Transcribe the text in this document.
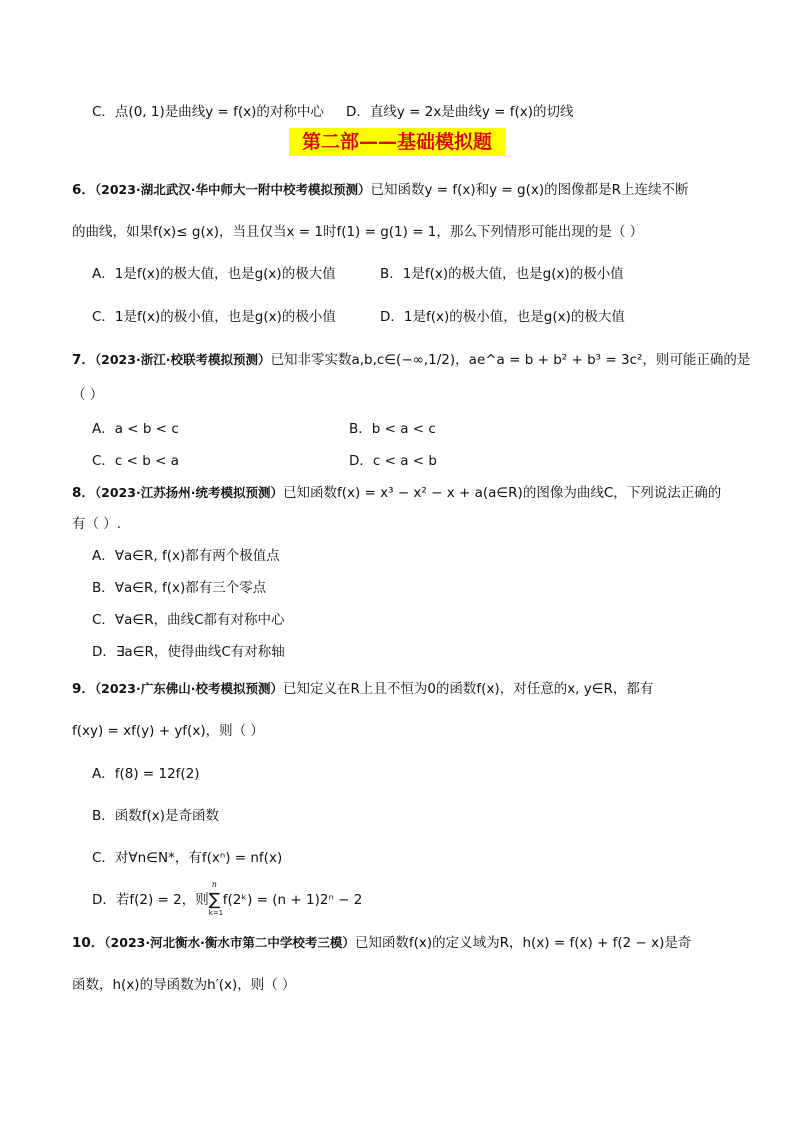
C．点(0, 1)是曲线y = f(x)的对称中心 D．直线y = 2x是曲线y = f(x)的切线
第二部——基础模拟题
6．（2023·湖北武汉·华中师大一附中校考模拟预测）已知函数y = f(x)和y = g(x)的图像都是R上连续不断
的曲线，如果f(x)≤ g(x)，当且仅当x = 1时f(1) = g(1) = 1，那么下列情形可能出现的是（ ）
A．1是f(x)的极大值，也是g(x)的极大值	B．1是f(x)的极大值，也是g(x)的极小值
C．1是f(x)的极小值，也是g(x)的极小值	D．1是f(x)的极小值，也是g(x)的极大值
7．（2023·浙江·校联考模拟预测）已知非零实数a,b,c∈(−∞,1/2)，ae^a = b + b² + b³ = 3c²，则可能正确的是
（ ）
A．a < b < c	B．b < a < c
C．c < b < a	D．c < a < b
8．（2023·江苏扬州·统考模拟预测）已知函数f(x) = x³ − x² − x + a(a∈R)的图像为曲线C，下列说法正确的
有（ ）.
A．∀a∈R, f(x)都有两个极值点
B．∀a∈R, f(x)都有三个零点
C．∀a∈R，曲线C都有对称中心
D．∃a∈R，使得曲线C有对称轴
9．（2023·广东佛山·校考模拟预测）已知定义在R上且不恒为0的函数f(x)，对任意的x, y∈R，都有
f(xy) = xf(y) + yf(x)，则（ ）
A．f(8) = 12f(2)
B．函数f(x)是奇函数
C．对∀n∈N*，有f(xⁿ) = nf(x)
D．若f(2) = 2，则
n
∑
k=1
f(2ᵏ) = (n + 1)2ⁿ − 2
10．（2023·河北衡水·衡水市第二中学校考三模）已知函数f(x)的定义域为R，h(x) = f(x) + f(2 − x)是奇
函数，h(x)的导函数为h′(x)，则（ ）
